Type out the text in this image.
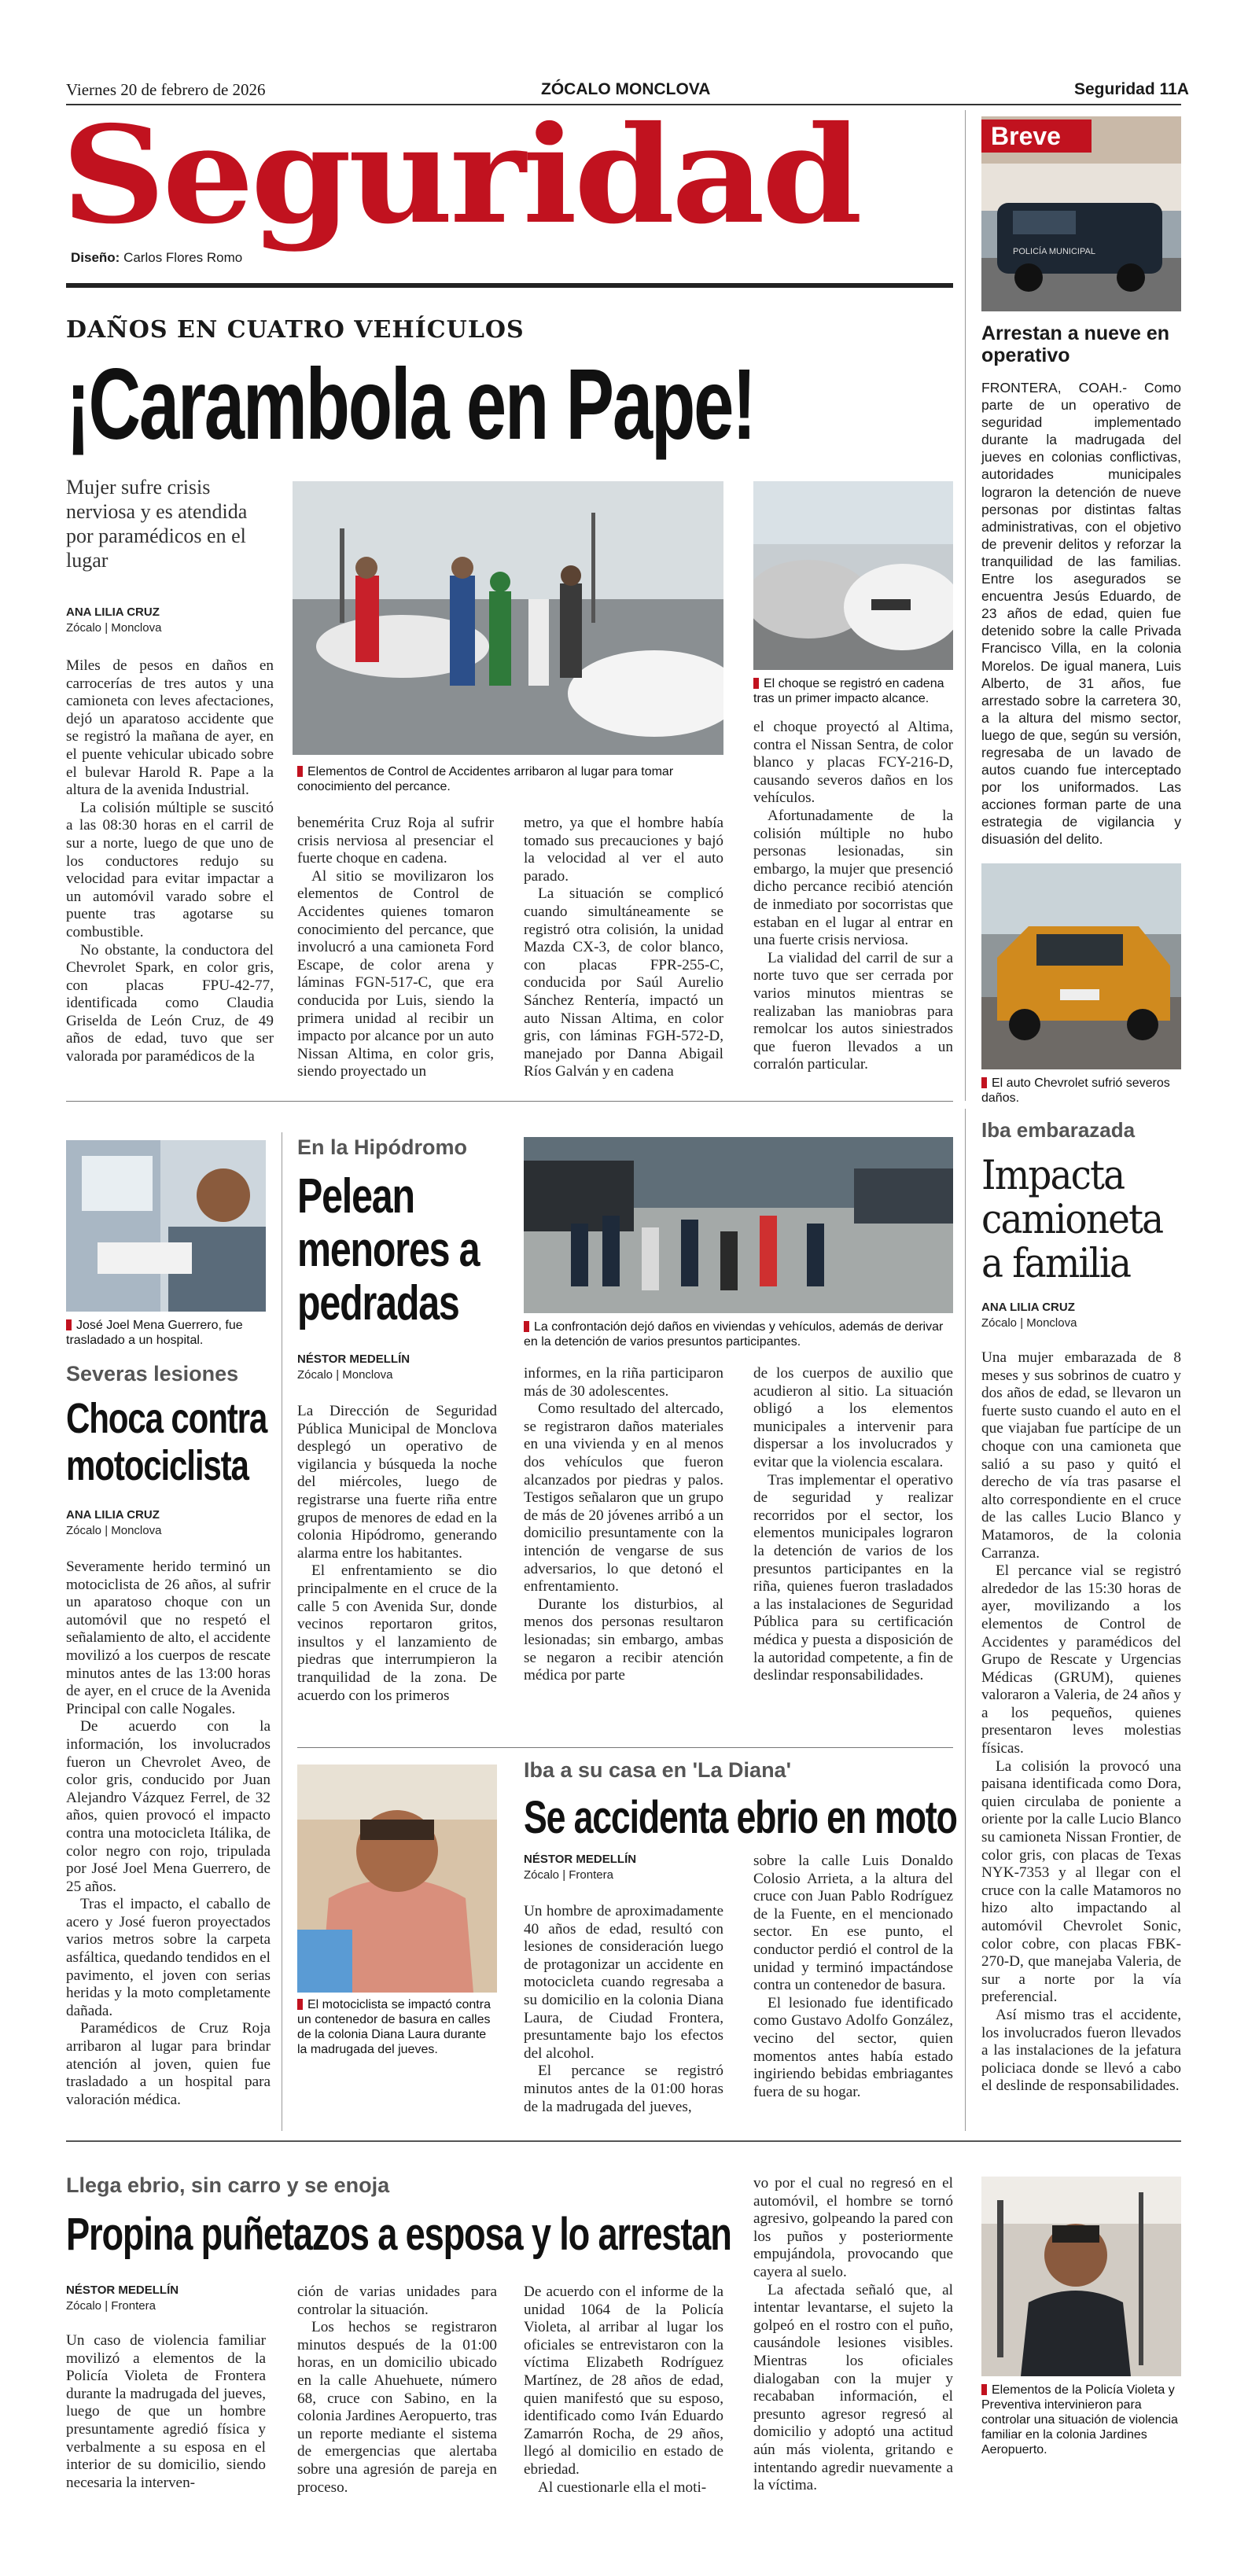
Viernes 20 de febrero de 2026	ZÓCALO MONCLOVA	Seguridad 11A
Seguridad
Diseño: Carlos Flores Romo
DAÑOS EN CUATRO VEHÍCULOS
¡Carambola en Pape!
Mujer sufre crisis nerviosa y es atendida por paramédicos en el lugar
ANA LILIA CRUZ
Zócalo | Monclova
Elementos de Control de Accidentes arribaron al lugar para tomar conocimiento del percance.
El choque se registró en cadena tras un primer impacto alcance.

Miles de pesos en daños en carrocerías de tres autos y una camioneta con leves afectaciones, dejó un aparatoso accidente que se registró la mañana de ayer, en el puente vehicular ubicado sobre el bulevar Harold R. Pape a la altura de la avenida Industrial.

La colisión múltiple se suscitó a las 08:30 horas en el carril de sur a norte, luego de que uno de los conductores redujo su velocidad para evitar impactar a un automóvil varado sobre el puente tras agotarse su combustible.

No obstante, la conductora del Chevrolet Spark, en color gris, con placas FPU-42-77, identificada como Claudia Griselda de León Cruz, de 49 años de edad, tuvo que ser valorada por paramédicos de la

benemérita Cruz Roja al sufrir crisis nerviosa al presenciar el fuerte choque en cadena.

Al sitio se movilizaron los elementos de Control de Accidentes quienes tomaron conocimiento del percance, que involucró a una camioneta Ford Escape, de color arena y láminas FGN-517-C, que era conducida por Luis, siendo la primera unidad al recibir un impacto por alcance por un auto Nissan Altima, en color gris, siendo proyectado un

metro, ya que el hombre había tomado sus precauciones y bajó la velocidad al ver el auto parado.

La situación se complicó cuando simultáneamente se registró otra colisión, la unidad Mazda CX-3, de color blanco, con placas FPR-255-C, conducida por Saúl Aurelio Sánchez Rentería, impactó un auto Nissan Altima, en color gris, con láminas FGH-572-D, manejado por Danna Abigail Ríos Galván y en cadena

el choque proyectó al Altima, contra el Nissan Sentra, de color blanco y placas FCY-216-D, causando severos daños en los vehículos.

Afortunadamente de la colisión múltiple no hubo personas lesionadas, sin embargo, la mujer que presenció dicho percance recibió atención de inmediato por socorristas que estaban en el lugar al entrar en una fuerte crisis nerviosa.

La vialidad del carril de sur a norte tuvo que ser cerrada por varios minutos mientras se realizaban las maniobras para remolcar los autos siniestrados que fueron llevados a un corralón particular.

POLICÍA MUNICIPAL
Breve
Arrestan a nueve en operativo
FRONTERA, COAH.- Como parte de un operativo de seguridad implementado durante la madrugada del jueves en colonias conflictivas, autoridades municipales lograron la detención de nueve personas por distintas faltas administrativas, con el objetivo de prevenir delitos y reforzar la tranquilidad de las familias. Entre los asegurados se encuentra Jesús Eduardo, de 23 años de edad, quien fue detenido sobre la calle Privada Francisco Villa, en la colonia Morelos. De igual manera, Luis Alberto, de 31 años, fue arrestado sobre la carretera 30, a la altura del mismo sector, luego de que, según su versión, regresaba de un lavado de autos cuando fue interceptado por los uniformados. Las acciones forman parte de una estrategia de vigilancia y disuasión del delito.
El auto Chevrolet sufrió severos daños.
Iba embarazada
Impacta camioneta a familia
ANA LILIA CRUZ
Zócalo | Monclova

Una mujer embarazada de 8 meses y sus sobrinos de cuatro y dos años de edad, se llevaron un fuerte susto cuando el auto en el que viajaban fue partícipe de un choque con una camioneta que salió a su paso y quitó el derecho de vía tras pasarse el alto correspondiente en el cruce de las calles Lucio Blanco y Matamoros, de la colonia Carranza.

El percance vial se registró alrededor de las 15:30 horas de ayer, movilizando a los elementos de Control de Accidentes y paramédicos del Grupo de Rescate y Urgencias Médicas (GRUM), quienes valoraron a Valeria, de 24 años y a los pequeños, quienes presentaron leves molestias físicas.

La colisión la provocó una paisana identificada como Dora, quien circulaba de poniente a oriente por la calle Lucio Blanco su camioneta Nissan Frontier, de color gris, con placas de Texas NYK-7353 y al llegar con el cruce con la calle Matamoros no hizo alto impactando al automóvil Chevrolet Sonic, color cobre, con placas FBK-270-D, que manejaba Valeria, de sur a norte por la vía preferencial.

Así mismo tras el accidente, los involucrados fueron llevados a las instalaciones de la jefatura policiaca donde se llevó a cabo el deslinde de responsabilidades.

José Joel Mena Guerrero, fue trasladado a un hospital.
Severas lesiones
Choca contra motociclista
ANA LILIA CRUZ
Zócalo | Monclova

Severamente herido terminó un motociclista de 26 años, al sufrir un aparatoso choque con un automóvil que no respetó el señalamiento de alto, el accidente movilizó a los cuerpos de rescate minutos antes de las 13:00 horas de ayer, en el cruce de la Avenida Principal con calle Nogales.

De acuerdo con la información, los involucrados fueron un Chevrolet Aveo, de color gris, conducido por Juan Alejandro Vázquez Ferrel, de 32 años, quien provocó el impacto contra una motocicleta Itálika, de color negro con rojo, tripulada por José Joel Mena Guerrero, de 25 años.

Tras el impacto, el caballo de acero y José fueron proyectados varios metros sobre la carpeta asfáltica, quedando tendidos en el pavimento, el joven con serias heridas y la moto completamente dañada.

Paramédicos de Cruz Roja arribaron al lugar para brindar atención al joven, quien fue trasladado a un hospital para valoración médica.

En la Hipódromo
Pelean menores a pedradas
NÉSTOR MEDELLÍN
Zócalo | Monclova
La confrontación dejó daños en viviendas y vehículos, además de derivar en la detención de varios presuntos participantes.

La Dirección de Seguridad Pública Municipal de Monclova desplegó un operativo de vigilancia y búsqueda la noche del miércoles, luego de registrarse una fuerte riña entre grupos de menores de edad en la colonia Hipódromo, generando alarma entre los habitantes.

El enfrentamiento se dio principalmente en el cruce de la calle 5 con Avenida Sur, donde vecinos reportaron gritos, insultos y el lanzamiento de piedras que interrumpieron la tranquilidad de la zona. De acuerdo con los primeros

informes, en la riña participaron más de 30 adolescentes.

Como resultado del altercado, se registraron daños materiales en una vivienda y en al menos dos vehículos que fueron alcanzados por piedras y palos. Testigos señalaron que un grupo de más de 20 jóvenes arribó a un domicilio presuntamente con la intención de vengarse de sus adversarios, lo que detonó el enfrentamiento.

Durante los disturbios, al menos dos personas resultaron lesionadas; sin embargo, ambas se negaron a recibir atención médica por parte

de los cuerpos de auxilio que acudieron al sitio. La situación obligó a los elementos municipales a intervenir para dispersar a los involucrados y evitar que la violencia escalara.

Tras implementar el operativo de seguridad y realizar recorridos por el sector, los elementos municipales lograron la detención de varios de los presuntos participantes en la riña, quienes fueron trasladados a las instalaciones de Seguridad Pública para su certificación médica y puesta a disposición de la autoridad competente, a fin de deslindar responsabilidades.

El motociclista se impactó contra un contenedor de basura en calles de la colonia Diana Laura durante la madrugada del jueves.
Iba a su casa en 'La Diana'
Se accidenta ebrio en moto
NÉSTOR MEDELLÍN
Zócalo | Frontera

Un hombre de aproximadamente 40 años de edad, resultó con lesiones de consideración luego de protagonizar un accidente en motocicleta cuando regresaba a su domicilio en la colonia Diana Laura, de Ciudad Frontera, presuntamente bajo los efectos del alcohol.

El percance se registró minutos antes de la 01:00 horas de la madrugada del jueves,

sobre la calle Luis Donaldo Colosio Arrieta, a la altura del cruce con Juan Pablo Rodríguez de la Fuente, en el mencionado sector. En ese punto, el conductor perdió el control de la unidad y terminó impactándose contra un contenedor de basura.

El lesionado fue identificado como Gustavo Adolfo González, vecino del sector, quien momentos antes había estado ingiriendo bebidas embriagantes fuera de su hogar.

Llega ebrio, sin carro y se enoja
Propina puñetazos a esposa y lo arrestan
NÉSTOR MEDELLÍN
Zócalo | Frontera

Un caso de violencia familiar movilizó a elementos de la Policía Violeta de Frontera durante la madrugada del jueves, luego de que un hombre presuntamente agredió física y verbalmente a su esposa en el interior de su domicilio, siendo necesaria la interven-

ción de varias unidades para controlar la situación.

Los hechos se registraron minutos después de la 01:00 horas, en un domicilio ubicado en la calle Ahuehuete, número 68, cruce con Sabino, en la colonia Jardines Aeropuerto, tras un reporte mediante el sistema de emergencias que alertaba sobre una agresión de pareja en proceso.

De acuerdo con el informe de la unidad 1064 de la Policía Violeta, al arribar al lugar los oficiales se entrevistaron con la víctima Elizabeth Rodríguez Martínez, de 28 años de edad, quien manifestó que su esposo, identificado como Iván Eduardo Zamarrón Rocha, de 29 años, llegó al domicilio en estado de ebriedad.

Al cuestionarle ella el moti-

vo por el cual no regresó en el automóvil, el hombre se tornó agresivo, golpeando la pared con los puños y posteriormente empujándola, provocando que cayera al suelo.

La afectada señaló que, al intentar levantarse, el sujeto la golpeó en el rostro con el puño, causándole lesiones visibles. Mientras los oficiales dialogaban con la mujer y recababan información, el presunto agresor regresó al domicilio y adoptó una actitud aún más violenta, gritando e intentando agredir nuevamente a la víctima.

Elementos de la Policía Violeta y Preventiva intervinieron para controlar una situación de violencia familiar en la colonia Jardines Aeropuerto.
